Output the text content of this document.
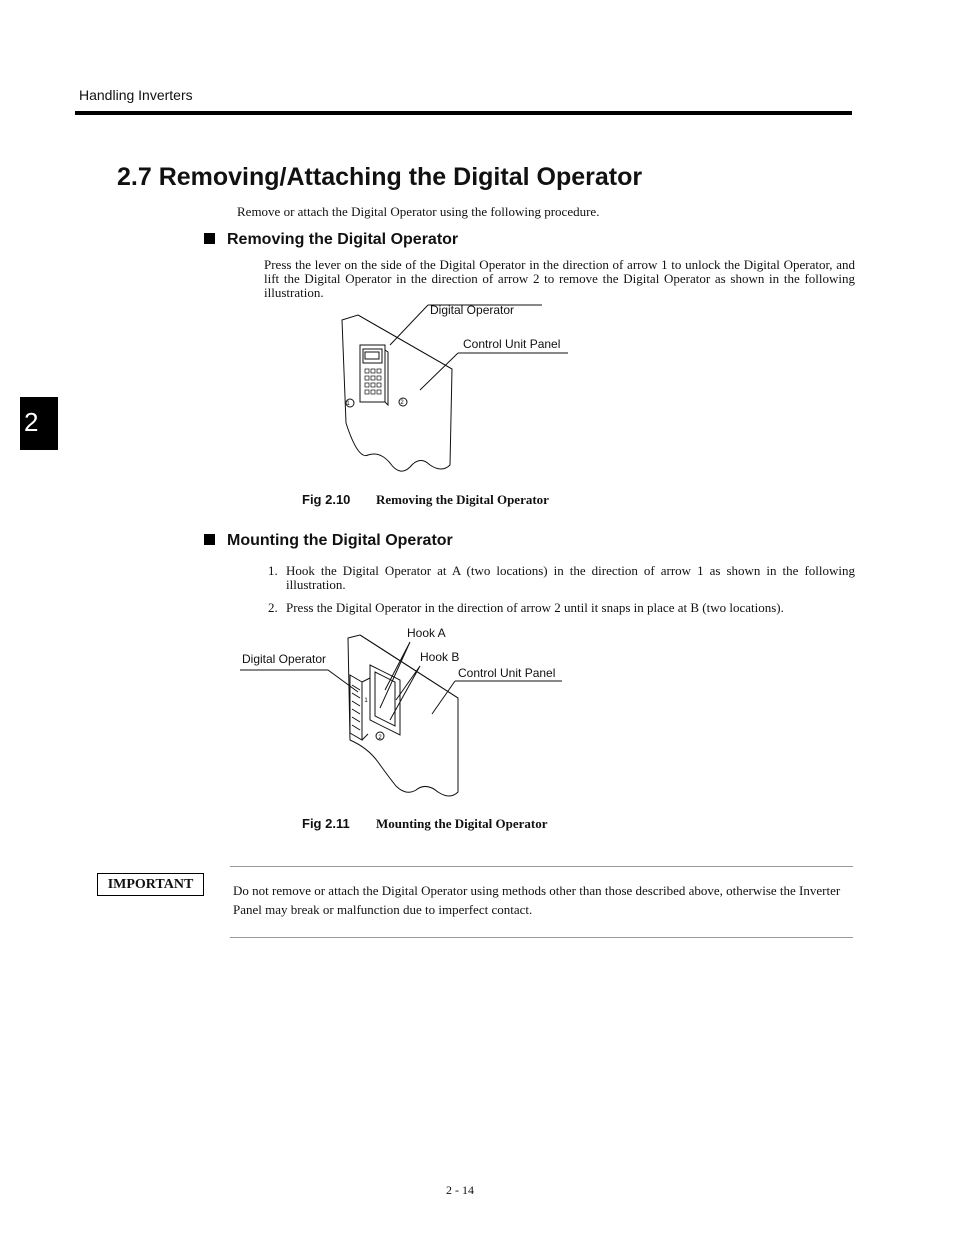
Handling Inverters
2
2.7 Removing/Attaching the Digital Operator
Remove or attach the Digital Operator using the following procedure.
Removing the Digital Operator
Press the lever on the side of the Digital Operator in the direction of arrow 1 to unlock the Digital Operator, and lift the Digital Operator in the direction of arrow 2 to remove the Digital Operator as shown in the following illustration.
1	2
Digital Operator
Control Unit Panel
Fig 2.10 Removing the Digital Operator
Mounting the Digital Operator
1. Hook the Digital Operator at A (two locations) in the direction of arrow 1 as shown in the following illustration.
2. Press the Digital Operator in the direction of arrow 2 until it snaps in place at B (two locations).
2
1
Hook A
Hook B
Digital Operator
Control Unit Panel
Fig 2.11 Mounting the Digital Operator
IMPORTANT	Do not remove or attach the Digital Operator using methods other than those described above, otherwise the Inverter Panel may break or malfunction due to imperfect contact.
2 - 14
